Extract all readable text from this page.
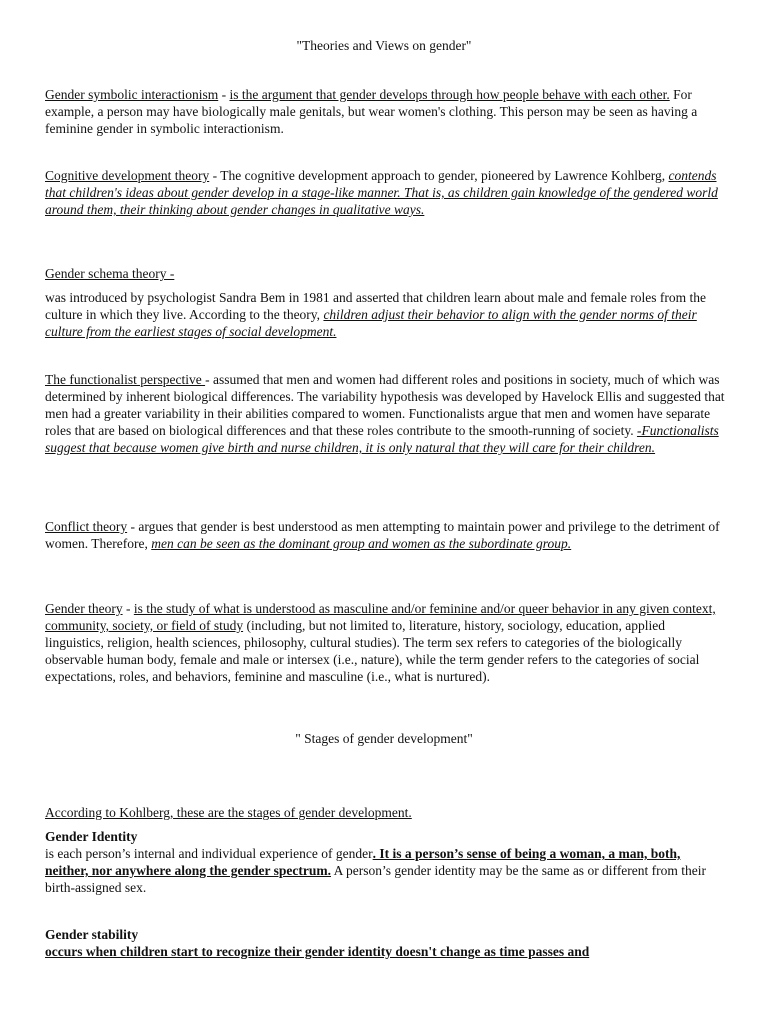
"Theories and Views on gender"

Gender symbolic interactionism - is the argument that gender develops through how people behave with each other. For example, a person may have biologically male genitals, but wear women's clothing. This person may be seen as having a feminine gender in symbolic interactionism.

Cognitive development theory - The cognitive development approach to gender, pioneered by Lawrence Kohlberg, contends that children's ideas about gender develop in a stage-like manner. That is, as children gain knowledge of the gendered world around them, their thinking about gender changes in qualitative ways.

Gender schema theory -

was introduced by psychologist Sandra Bem in 1981 and asserted that children learn about male and female roles from the culture in which they live. According to the theory, children adjust their behavior to align with the gender norms of their culture from the earliest stages of social development.

The functionalist perspective - assumed that men and women had different roles and positions in society, much of which was determined by inherent biological differences. The variability hypothesis was developed by Havelock Ellis and suggested that men had a greater variability in their abilities compared to women. Functionalists argue that men and women have separate roles that are based on biological differences and that these roles contribute to the smooth-running of society. -Functionalists suggest that because women give birth and nurse children, it is only natural that they will care for their children.

Conflict theory - argues that gender is best understood as men attempting to maintain power and privilege to the detriment of women. Therefore, men can be seen as the dominant group and women as the subordinate group.

Gender theory - is the study of what is understood as masculine and/or feminine and/or queer behavior in any given context, community, society, or field of study (including, but not limited to, literature, history, sociology, education, applied linguistics, religion, health sciences, philosophy, cultural studies). The term sex refers to categories of the biologically observable human body, female and male or intersex (i.e., nature), while the term gender refers to the categories of social expectations, roles, and behaviors, feminine and masculine (i.e., what is nurtured).

" Stages of gender development"

According to Kohlberg, these are the stages of gender development.

Gender Identity

is each person’s internal and individual experience of gender. It is a person’s sense of being a woman, a man, both, neither, nor anywhere along the gender spectrum. A person’s gender identity may be the same as or different from their birth-assigned sex.

Gender stability

occurs when children start to recognize their gender identity doesn't change as time passes and
